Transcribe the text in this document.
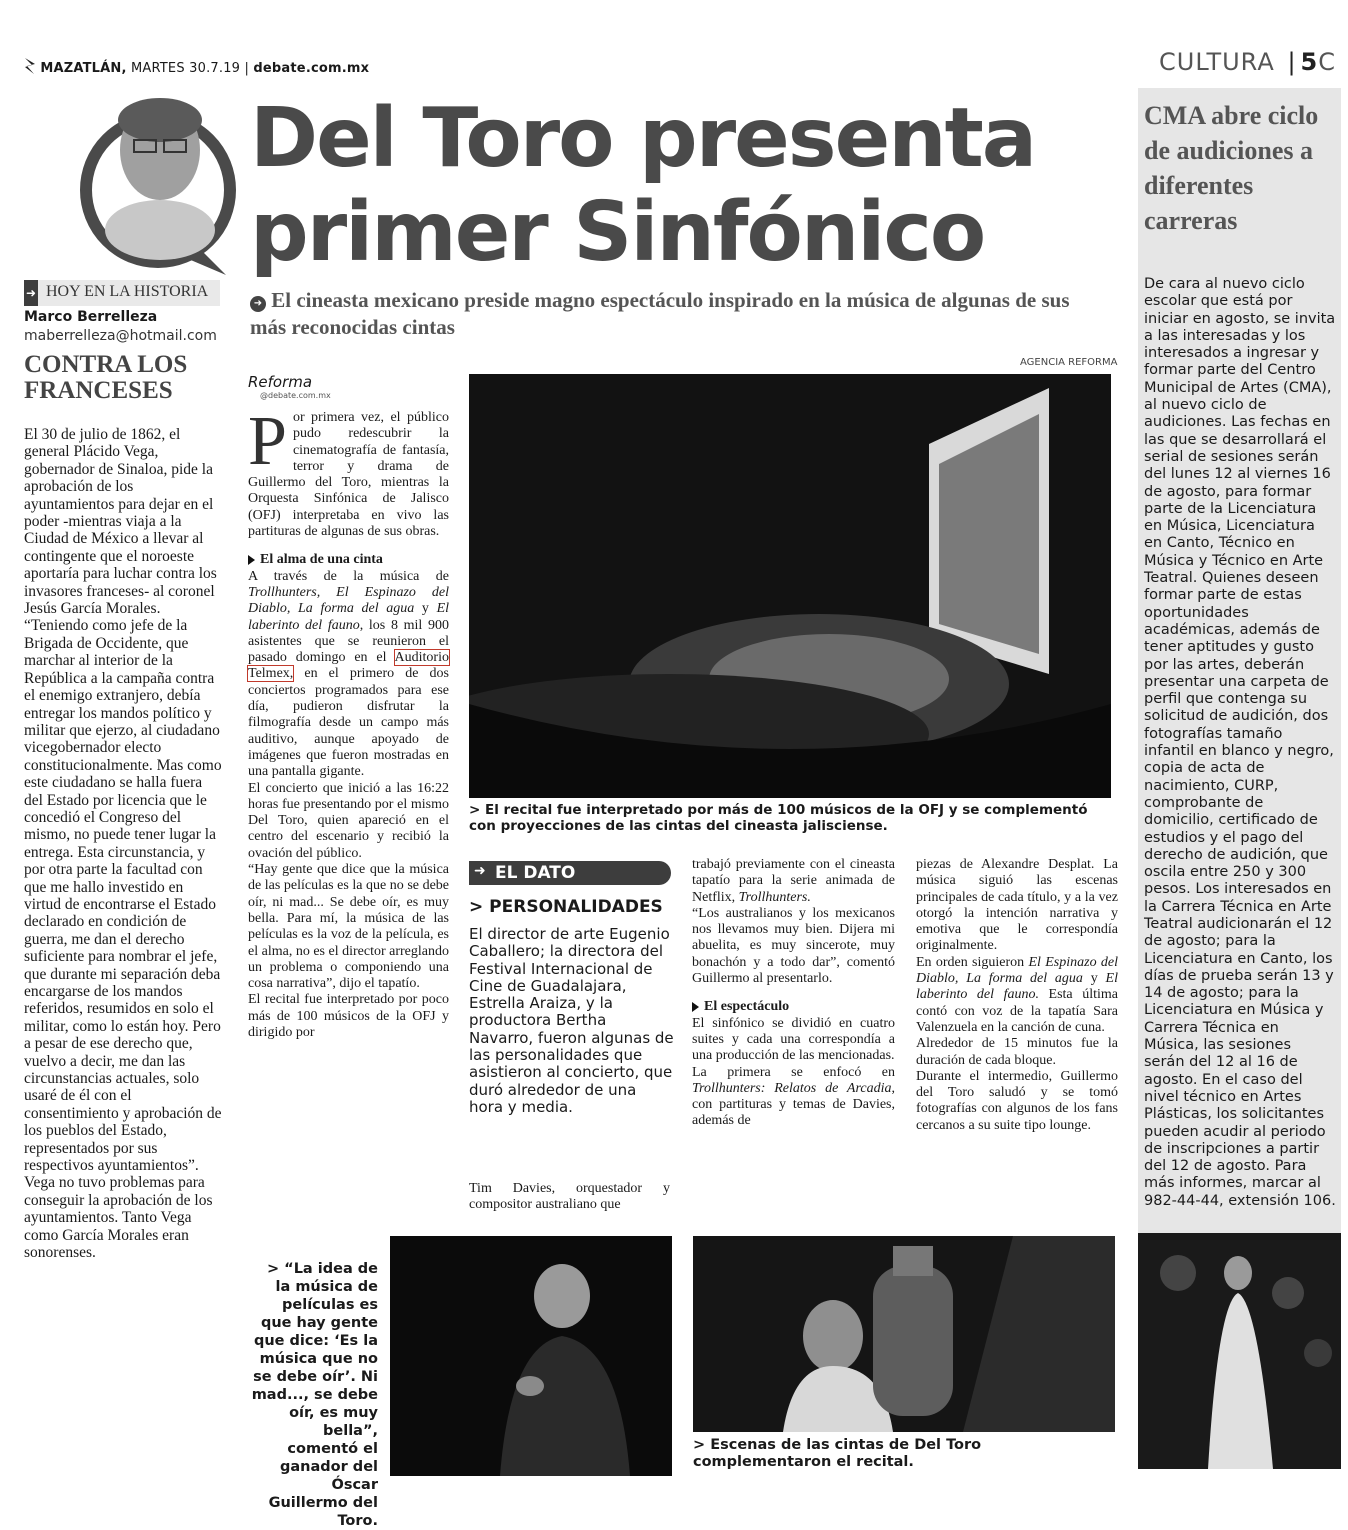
MAZATLÁN, MARTES 30.7.19 | debate.com.mx	CULTURA | 5C
➜ HOY EN LA HISTORIA
Marco Berrelleza
maberrelleza@hotmail.com
CONTRA LOS
FRANCESES

El 30 de julio de 1862, el general Plácido Vega, gobernador de Sinaloa, pide la aprobación de los ayuntamientos para dejar en el poder -mientras viaja a la Ciudad de México a llevar al contingente que el noroeste aportaría para luchar contra los invasores franceses- al coronel Jesús García Morales. “Teniendo como jefe de la Brigada de Occidente, que marchar al interior de la República a la campaña contra el enemigo extranjero, debía entregar los mandos político y militar que ejerzo, al ciudadano vicegobernador electo constitucionalmente. Mas como este ciudadano se halla fuera del Estado por licencia que le concedió el Congreso del mismo, no puede tener lugar la entrega. Esta circunstancia, y por otra parte la facultad con que me hallo investido en virtud de encontrarse el Estado declarado en condición de guerra, me dan el derecho suficiente para nombrar el jefe, que durante mi separación deba encargarse de los mandos referidos, resumidos en solo el militar, como lo están hoy. Pero a pesar de ese derecho que, vuelvo a decir, me dan las circunstancias actuales, solo usaré de él con el consentimiento y aprobación de los pueblos del Estado, representados por sus respectivos ayuntamientos”. Vega no tuvo problemas para conseguir la aprobación de los ayuntamientos. Tanto Vega como García Morales eran sonorenses.

Del Toro presenta
primer Sinfónico
➜ El cineasta mexicano preside magno espectáculo inspirado en la música de algunas de sus más reconocidas cintas
AGENCIA REFORMA
Reforma
@debate.com.mx
P or primera vez, el público pudo redescubrir la cinematografía de fantasía, terror y drama de Guillermo del Toro, mientras la Orquesta Sinfónica de Jalisco (OFJ) interpretaba en vivo las partituras de algunas de sus obras.

El alma de una cinta

A través de la música de Trollhunters, El Espinazo del Diablo, La forma del agua y El laberinto del fauno, los 8 mil 900 asistentes que se reunieron el pasado domingo en el Auditorio Telmex, en el primero de dos conciertos programados para ese día, pudieron disfrutar la filmografía desde un campo más auditivo, aunque apoyado de imágenes que fueron mostradas en una pantalla gigante.

El concierto que inició a las 16:22 horas fue presentando por el mismo Del Toro, quien apareció en el centro del escenario y recibió la ovación del público.

“Hay gente que dice que la música de las películas es la que no se debe oír, ni mad... Se debe oír, es muy bella. Para mí, la música de las películas es la voz de la película, es el alma, no es el director arreglando un problema o componiendo una cosa narrativa”, dijo el tapatío.

El recital fue interpretado por poco más de 100 músicos de la OFJ y dirigido por

> El recital fue interpretado por más de 100 músicos de la OFJ y se complementó con proyecciones de las cintas del cineasta jalisciense.
➜ EL DATO
> PERSONALIDADES
El director de arte Eugenio Caballero; la directora del Festival Internacional de Cine de Guadalajara, Estrella Araiza, y la productora Bertha Navarro, fueron algunas de las personalidades que asistieron al concierto, que duró alrededor de una hora y media.
Tim Davies, orquestador y compositor australiano que

trabajó previamente con el cineasta tapatío para la serie animada de Netflix, Trollhunters.

“Los australianos y los mexicanos nos llevamos muy bien. Dijera mi abuelita, es muy sincerote, muy bonachón y a todo dar”, comentó Guillermo al presentarlo.

El espectáculo

El sinfónico se dividió en cuatro suites y cada una correspondía a una producción de las mencionadas.

La primera se enfocó en Trollhunters: Relatos de Arcadia, con partituras y temas de Davies, además de

piezas de Alexandre Desplat. La música siguió las escenas principales de cada título, y a la vez otorgó la intención narrativa y emotiva que le correspondía originalmente.

En orden siguieron El Espinazo del Diablo, La forma del agua y El laberinto del fauno. Esta última contó con voz de la tapatía Sara Valenzuela en la canción de cuna.

Alrededor de 15 minutos fue la duración de cada bloque.

Durante el intermedio, Guillermo del Toro saludó y se tomó fotografías con algunos de los fans cercanos a su suite tipo lounge.

> “La idea de la música de películas es que hay gente que dice: ‘Es la música que no se debe oír’. Ni mad..., se debe oír, es muy bella”, comentó el ganador del Óscar Guillermo del Toro.
> Escenas de las cintas de Del Toro complementaron el recital.
CMA abre ciclo de audiciones a diferentes carreras
De cara al nuevo ciclo escolar que está por iniciar en agosto, se invita a las interesadas y los interesados a ingresar y formar parte del Centro Municipal de Artes (CMA), al nuevo ciclo de audiciones. Las fechas en las que se desarrollará el serial de sesiones serán del lunes 12 al viernes 16 de agosto, para formar parte de la Licenciatura en Música, Licenciatura en Canto, Técnico en Música y Técnico en Arte Teatral. Quienes deseen formar parte de estas oportunidades académicas, además de tener aptitudes y gusto por las artes, deberán presentar una carpeta de perfil que contenga su solicitud de audición, dos fotografías tamaño infantil en blanco y negro, copia de acta de nacimiento, CURP, comprobante de domicilio, certificado de estudios y el pago del derecho de audición, que oscila entre 250 y 300 pesos. Los interesados en la Carrera Técnica en Arte Teatral audicionarán el 12 de agosto; para la Licenciatura en Canto, los días de prueba serán 13 y 14 de agosto; para la Licenciatura en Música y Carrera Técnica en Música, las sesiones serán del 12 al 16 de agosto. En el caso del nivel técnico en Artes Plásticas, los solicitantes pueden acudir al periodo de inscripciones a partir del 12 de agosto. Para más informes, marcar al 982-44-44, extensión 106.
